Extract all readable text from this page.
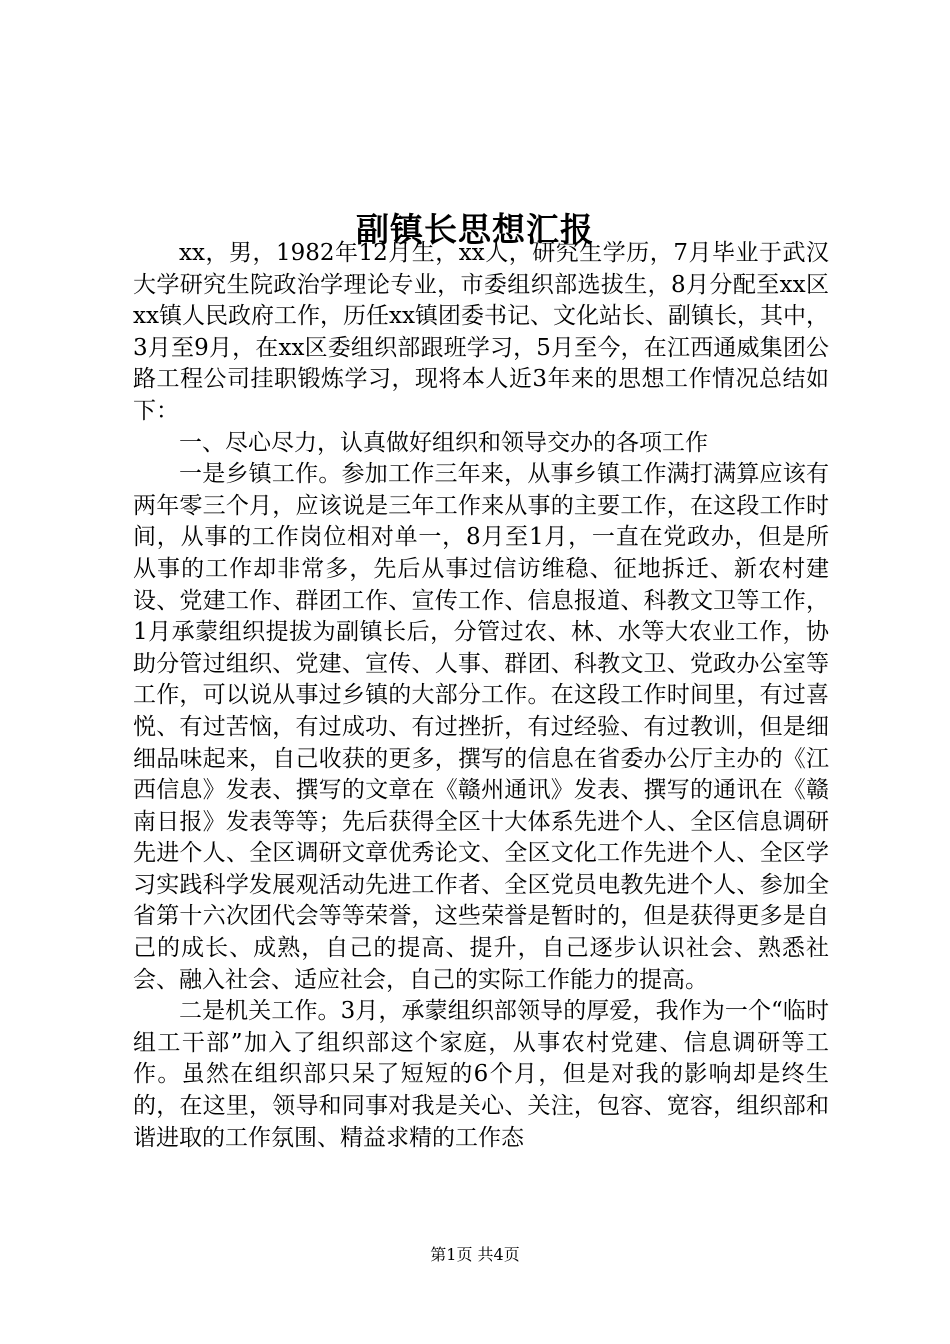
副镇长思想汇报

xx，男，1982年12月生，xx人，研究生学历，7月毕业于武汉大学研究生院政治学理论专业，市委组织部选拔生，8月分配至xx区xx镇人民政府工作，历任xx镇团委书记、文化站长、副镇长，其中，3月至9月，在xx区委组织部跟班学习，5月至今，在江西通威集团公路工程公司挂职锻炼学习，现将本人近3年来的思想工作情况总结如下：

一、尽心尽力，认真做好组织和领导交办的各项工作

一是乡镇工作。参加工作三年来，从事乡镇工作满打满算应该有两年零三个月，应该说是三年工作来从事的主要工作，在这段工作时间，从事的工作岗位相对单一，8月至1月，一直在党政办，但是所从事的工作却非常多，先后从事过信访维稳、征地拆迁、新农村建设、党建工作、群团工作、宣传工作、信息报道、科教文卫等工作，1月承蒙组织提拔为副镇长后，分管过农、林、水等大农业工作，协助分管过组织、党建、宣传、人事、群团、科教文卫、党政办公室等工作，可以说从事过乡镇的大部分工作。在这段工作时间里，有过喜悦、有过苦恼，有过成功、有过挫折，有过经验、有过教训，但是细细品味起来，自己收获的更多，撰写的信息在省委办公厅主办的《江西信息》发表、撰写的文章在《赣州通讯》发表、撰写的通讯在《赣南日报》发表等等；先后获得全区十大体系先进个人、全区信息调研先进个人、全区调研文章优秀论文、全区文化工作先进个人、全区学习实践科学发展观活动先进工作者、全区党员电教先进个人、参加全省第十六次团代会等等荣誉，这些荣誉是暂时的，但是获得更多是自己的成长、成熟，自己的提高、提升，自己逐步认识社会、熟悉社会、融入社会、适应社会，自己的实际工作能力的提高。

二是机关工作。3月，承蒙组织部领导的厚爱，我作为一个“临时组工干部”加入了组织部这个家庭，从事农村党建、信息调研等工作。虽然在组织部只呆了短短的6个月，但是对我的影响却是终生的，在这里，领导和同事对我是关心、关注，包容、宽容，组织部和谐进取的工作氛围、精益求精的工作态

第1页 共4页
